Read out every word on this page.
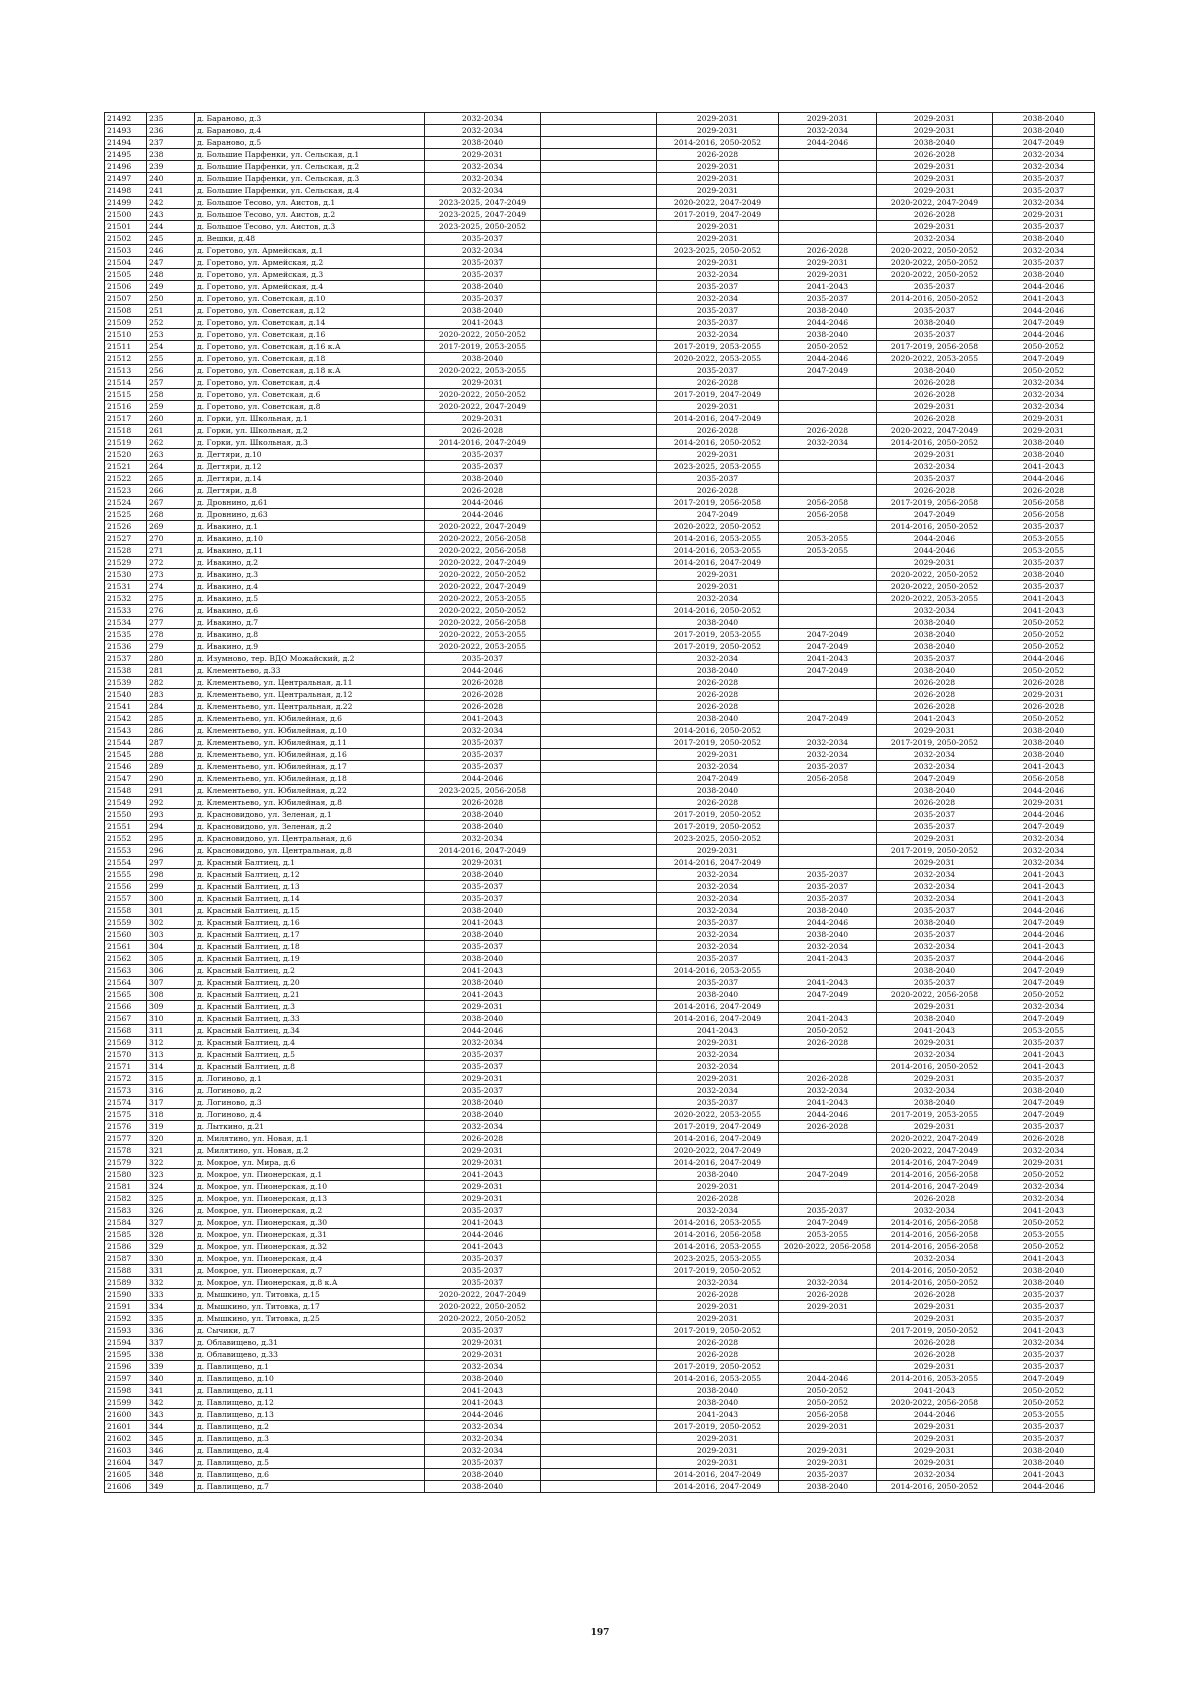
21492	235	д. Бараново, д.3	2032-2034		2029-2031	2029-2031	2029-2031	2038-2040
21493	236	д. Бараново, д.4	2032-2034		2029-2031	2032-2034	2029-2031	2038-2040
21494	237	д. Бараново, д.5	2038-2040		2014-2016, 2050-2052	2044-2046	2038-2040	2047-2049
21495	238	д. Большие Парфенки, ул. Сельская, д.1	2029-2031		2026-2028		2026-2028	2032-2034
21496	239	д. Большие Парфенки, ул. Сельская, д.2	2032-2034		2029-2031		2029-2031	2032-2034
21497	240	д. Большие Парфенки, ул. Сельская, д.3	2032-2034		2029-2031		2029-2031	2035-2037
21498	241	д. Большие Парфенки, ул. Сельская, д.4	2032-2034		2029-2031		2029-2031	2035-2037
21499	242	д. Большое Тесово, ул. Аистов, д.1	2023-2025, 2047-2049		2020-2022, 2047-2049		2020-2022, 2047-2049	2032-2034
21500	243	д. Большое Тесово, ул. Аистов, д.2	2023-2025, 2047-2049		2017-2019, 2047-2049		2026-2028	2029-2031
21501	244	д. Большое Тесово, ул. Аистов, д.3	2023-2025, 2050-2052		2029-2031		2029-2031	2035-2037
21502	245	д. Вешки, д.48	2035-2037		2029-2031		2032-2034	2038-2040
21503	246	д. Горетово, ул. Армейская, д.1	2032-2034		2023-2025, 2050-2052	2026-2028	2020-2022, 2050-2052	2032-2034
21504	247	д. Горетово, ул. Армейская, д.2	2035-2037		2029-2031	2029-2031	2020-2022, 2050-2052	2035-2037
21505	248	д. Горетово, ул. Армейская, д.3	2035-2037		2032-2034	2029-2031	2020-2022, 2050-2052	2038-2040
21506	249	д. Горетово, ул. Армейская, д.4	2038-2040		2035-2037	2041-2043	2035-2037	2044-2046
21507	250	д. Горетово, ул. Советская, д.10	2035-2037		2032-2034	2035-2037	2014-2016, 2050-2052	2041-2043
21508	251	д. Горетово, ул. Советская, д.12	2038-2040		2035-2037	2038-2040	2035-2037	2044-2046
21509	252	д. Горетово, ул. Советская, д.14	2041-2043		2035-2037	2044-2046	2038-2040	2047-2049
21510	253	д. Горетово, ул. Советская, д.16	2020-2022, 2050-2052		2032-2034	2038-2040	2035-2037	2044-2046
21511	254	д. Горетово, ул. Советская, д.16 к.А	2017-2019, 2053-2055		2017-2019, 2053-2055	2050-2052	2017-2019, 2056-2058	2050-2052
21512	255	д. Горетово, ул. Советская, д.18	2038-2040		2020-2022, 2053-2055	2044-2046	2020-2022, 2053-2055	2047-2049
21513	256	д. Горетово, ул. Советская, д.18 к.А	2020-2022, 2053-2055		2035-2037	2047-2049	2038-2040	2050-2052
21514	257	д. Горетово, ул. Советская, д.4	2029-2031		2026-2028		2026-2028	2032-2034
21515	258	д. Горетово, ул. Советская, д.6	2020-2022, 2050-2052		2017-2019, 2047-2049		2026-2028	2032-2034
21516	259	д. Горетово, ул. Советская, д.8	2020-2022, 2047-2049		2029-2031		2029-2031	2032-2034
21517	260	д. Горки, ул. Школьная, д.1	2029-2031		2014-2016, 2047-2049		2026-2028	2029-2031
21518	261	д. Горки, ул. Школьная, д.2	2026-2028		2026-2028	2026-2028	2020-2022, 2047-2049	2029-2031
21519	262	д. Горки, ул. Школьная, д.3	2014-2016, 2047-2049		2014-2016, 2050-2052	2032-2034	2014-2016, 2050-2052	2038-2040
21520	263	д. Дегтяри, д.10	2035-2037		2029-2031		2029-2031	2038-2040
21521	264	д. Дегтяри, д.12	2035-2037		2023-2025, 2053-2055		2032-2034	2041-2043
21522	265	д. Дегтяри, д.14	2038-2040		2035-2037		2035-2037	2044-2046
21523	266	д. Дегтяри, д.8	2026-2028		2026-2028		2026-2028	2026-2028
21524	267	д. Дровнино, д.61	2044-2046		2017-2019, 2056-2058	2056-2058	2017-2019, 2056-2058	2056-2058
21525	268	д. Дровнино, д.63	2044-2046		2047-2049	2056-2058	2047-2049	2056-2058
21526	269	д. Ивакино, д.1	2020-2022, 2047-2049		2020-2022, 2050-2052		2014-2016, 2050-2052	2035-2037
21527	270	д. Ивакино, д.10	2020-2022, 2056-2058		2014-2016, 2053-2055	2053-2055	2044-2046	2053-2055
21528	271	д. Ивакино, д.11	2020-2022, 2056-2058		2014-2016, 2053-2055	2053-2055	2044-2046	2053-2055
21529	272	д. Ивакино, д.2	2020-2022, 2047-2049		2014-2016, 2047-2049		2029-2031	2035-2037
21530	273	д. Ивакино, д.3	2020-2022, 2050-2052		2029-2031		2020-2022, 2050-2052	2038-2040
21531	274	д. Ивакино, д.4	2020-2022, 2047-2049		2029-2031		2020-2022, 2050-2052	2035-2037
21532	275	д. Ивакино, д.5	2020-2022, 2053-2055		2032-2034		2020-2022, 2053-2055	2041-2043
21533	276	д. Ивакино, д.6	2020-2022, 2050-2052		2014-2016, 2050-2052		2032-2034	2041-2043
21534	277	д. Ивакино, д.7	2020-2022, 2056-2058		2038-2040		2038-2040	2050-2052
21535	278	д. Ивакино, д.8	2020-2022, 2053-2055		2017-2019, 2053-2055	2047-2049	2038-2040	2050-2052
21536	279	д. Ивакино, д.9	2020-2022, 2053-2055		2017-2019, 2050-2052	2047-2049	2038-2040	2050-2052
21537	280	д. Изумново, тер. ВДО Можайский, д.2	2035-2037		2032-2034	2041-2043	2035-2037	2044-2046
21538	281	д. Клементьево, д.33	2044-2046		2038-2040	2047-2049	2038-2040	2050-2052
21539	282	д. Клементьево, ул. Центральная, д.11	2026-2028		2026-2028		2026-2028	2026-2028
21540	283	д. Клементьево, ул. Центральная, д.12	2026-2028		2026-2028		2026-2028	2029-2031
21541	284	д. Клементьево, ул. Центральная, д.22	2026-2028		2026-2028		2026-2028	2026-2028
21542	285	д. Клементьево, ул. Юбилейная, д.6	2041-2043		2038-2040	2047-2049	2041-2043	2050-2052
21543	286	д. Клементьево, ул. Юбилейная, д.10	2032-2034		2014-2016, 2050-2052		2029-2031	2038-2040
21544	287	д. Клементьево, ул. Юбилейная, д.11	2035-2037		2017-2019, 2050-2052	2032-2034	2017-2019, 2050-2052	2038-2040
21545	288	д. Клементьево, ул. Юбилейная, д.16	2035-2037		2029-2031	2032-2034	2032-2034	2038-2040
21546	289	д. Клементьево, ул. Юбилейная, д.17	2035-2037		2032-2034	2035-2037	2032-2034	2041-2043
21547	290	д. Клементьево, ул. Юбилейная, д.18	2044-2046		2047-2049	2056-2058	2047-2049	2056-2058
21548	291	д. Клементьево, ул. Юбилейная, д.22	2023-2025, 2056-2058		2038-2040		2038-2040	2044-2046
21549	292	д. Клементьево, ул. Юбилейная, д.8	2026-2028		2026-2028		2026-2028	2029-2031
21550	293	д. Красновидово, ул. Зеленая, д.1	2038-2040		2017-2019, 2050-2052		2035-2037	2044-2046
21551	294	д. Красновидово, ул. Зеленая, д.2	2038-2040		2017-2019, 2050-2052		2035-2037	2047-2049
21552	295	д. Красновидово, ул. Центральная, д.6	2032-2034		2023-2025, 2050-2052		2029-2031	2032-2034
21553	296	д. Красновидово, ул. Центральная, д.8	2014-2016, 2047-2049		2029-2031		2017-2019, 2050-2052	2032-2034
21554	297	д. Красный Балтиец, д.1	2029-2031		2014-2016, 2047-2049		2029-2031	2032-2034
21555	298	д. Красный Балтиец, д.12	2038-2040		2032-2034	2035-2037	2032-2034	2041-2043
21556	299	д. Красный Балтиец, д.13	2035-2037		2032-2034	2035-2037	2032-2034	2041-2043
21557	300	д. Красный Балтиец, д.14	2035-2037		2032-2034	2035-2037	2032-2034	2041-2043
21558	301	д. Красный Балтиец, д.15	2038-2040		2032-2034	2038-2040	2035-2037	2044-2046
21559	302	д. Красный Балтиец, д.16	2041-2043		2035-2037	2044-2046	2038-2040	2047-2049
21560	303	д. Красный Балтиец, д.17	2038-2040		2032-2034	2038-2040	2035-2037	2044-2046
21561	304	д. Красный Балтиец, д.18	2035-2037		2032-2034	2032-2034	2032-2034	2041-2043
21562	305	д. Красный Балтиец, д.19	2038-2040		2035-2037	2041-2043	2035-2037	2044-2046
21563	306	д. Красный Балтиец, д.2	2041-2043		2014-2016, 2053-2055		2038-2040	2047-2049
21564	307	д. Красный Балтиец, д.20	2038-2040		2035-2037	2041-2043	2035-2037	2047-2049
21565	308	д. Красный Балтиец, д.21	2041-2043		2038-2040	2047-2049	2020-2022, 2056-2058	2050-2052
21566	309	д. Красный Балтиец, д.3	2029-2031		2014-2016, 2047-2049		2029-2031	2032-2034
21567	310	д. Красный Балтиец, д.33	2038-2040		2014-2016, 2047-2049	2041-2043	2038-2040	2047-2049
21568	311	д. Красный Балтиец, д.34	2044-2046		2041-2043	2050-2052	2041-2043	2053-2055
21569	312	д. Красный Балтиец, д.4	2032-2034		2029-2031	2026-2028	2029-2031	2035-2037
21570	313	д. Красный Балтиец, д.5	2035-2037		2032-2034		2032-2034	2041-2043
21571	314	д. Красный Балтиец, д.8	2035-2037		2032-2034		2014-2016, 2050-2052	2041-2043
21572	315	д. Логиново, д.1	2029-2031		2029-2031	2026-2028	2029-2031	2035-2037
21573	316	д. Логиново, д.2	2035-2037		2032-2034	2032-2034	2032-2034	2038-2040
21574	317	д. Логиново, д.3	2038-2040		2035-2037	2041-2043	2038-2040	2047-2049
21575	318	д. Логиново, д.4	2038-2040		2020-2022, 2053-2055	2044-2046	2017-2019, 2053-2055	2047-2049
21576	319	д. Лыткино, д.21	2032-2034		2017-2019, 2047-2049	2026-2028	2029-2031	2035-2037
21577	320	д. Милятино, ул. Новая, д.1	2026-2028		2014-2016, 2047-2049		2020-2022, 2047-2049	2026-2028
21578	321	д. Милятино, ул. Новая, д.2	2029-2031		2020-2022, 2047-2049		2020-2022, 2047-2049	2032-2034
21579	322	д. Мокрое, ул. Мира, д.6	2029-2031		2014-2016, 2047-2049		2014-2016, 2047-2049	2029-2031
21580	323	д. Мокрое, ул. Пионерская, д.1	2041-2043		2038-2040	2047-2049	2014-2016, 2056-2058	2050-2052
21581	324	д. Мокрое, ул. Пионерская, д.10	2029-2031		2029-2031		2014-2016, 2047-2049	2032-2034
21582	325	д. Мокрое, ул. Пионерская, д.13	2029-2031		2026-2028		2026-2028	2032-2034
21583	326	д. Мокрое, ул. Пионерская, д.2	2035-2037		2032-2034	2035-2037	2032-2034	2041-2043
21584	327	д. Мокрое, ул. Пионерская, д.30	2041-2043		2014-2016, 2053-2055	2047-2049	2014-2016, 2056-2058	2050-2052
21585	328	д. Мокрое, ул. Пионерская, д.31	2044-2046		2014-2016, 2056-2058	2053-2055	2014-2016, 2056-2058	2053-2055
21586	329	д. Мокрое, ул. Пионерская, д.32	2041-2043		2014-2016, 2053-2055	2020-2022, 2056-2058	2014-2016, 2056-2058	2050-2052
21587	330	д. Мокрое, ул. Пионерская, д.4	2035-2037		2023-2025, 2053-2055		2032-2034	2041-2043
21588	331	д. Мокрое, ул. Пионерская, д.7	2035-2037		2017-2019, 2050-2052		2014-2016, 2050-2052	2038-2040
21589	332	д. Мокрое, ул. Пионерская, д.8 к.А	2035-2037		2032-2034	2032-2034	2014-2016, 2050-2052	2038-2040
21590	333	д. Мышкино, ул. Титовка, д.15	2020-2022, 2047-2049		2026-2028	2026-2028	2026-2028	2035-2037
21591	334	д. Мышкино, ул. Титовка, д.17	2020-2022, 2050-2052		2029-2031	2029-2031	2029-2031	2035-2037
21592	335	д. Мышкино, ул. Титовка, д.25	2020-2022, 2050-2052		2029-2031		2029-2031	2035-2037
21593	336	д. Сычики, д.7	2035-2037		2017-2019, 2050-2052		2017-2019, 2050-2052	2041-2043
21594	337	д. Облавищево, д.31	2029-2031		2026-2028		2026-2028	2032-2034
21595	338	д. Облавищево, д.33	2029-2031		2026-2028		2026-2028	2035-2037
21596	339	д. Павлищево, д.1	2032-2034		2017-2019, 2050-2052		2029-2031	2035-2037
21597	340	д. Павлищево, д.10	2038-2040		2014-2016, 2053-2055	2044-2046	2014-2016, 2053-2055	2047-2049
21598	341	д. Павлищево, д.11	2041-2043		2038-2040	2050-2052	2041-2043	2050-2052
21599	342	д. Павлищево, д.12	2041-2043		2038-2040	2050-2052	2020-2022, 2056-2058	2050-2052
21600	343	д. Павлищево, д.13	2044-2046		2041-2043	2056-2058	2044-2046	2053-2055
21601	344	д. Павлищево, д.2	2032-2034		2017-2019, 2050-2052	2029-2031	2029-2031	2035-2037
21602	345	д. Павлищево, д.3	2032-2034		2029-2031		2029-2031	2035-2037
21603	346	д. Павлищево, д.4	2032-2034		2029-2031	2029-2031	2029-2031	2038-2040
21604	347	д. Павлищево, д.5	2035-2037		2029-2031	2029-2031	2029-2031	2038-2040
21605	348	д. Павлищево, д.6	2038-2040		2014-2016, 2047-2049	2035-2037	2032-2034	2041-2043
21606	349	д. Павлищево, д.7	2038-2040		2014-2016, 2047-2049	2038-2040	2014-2016, 2050-2052	2044-2046
197
